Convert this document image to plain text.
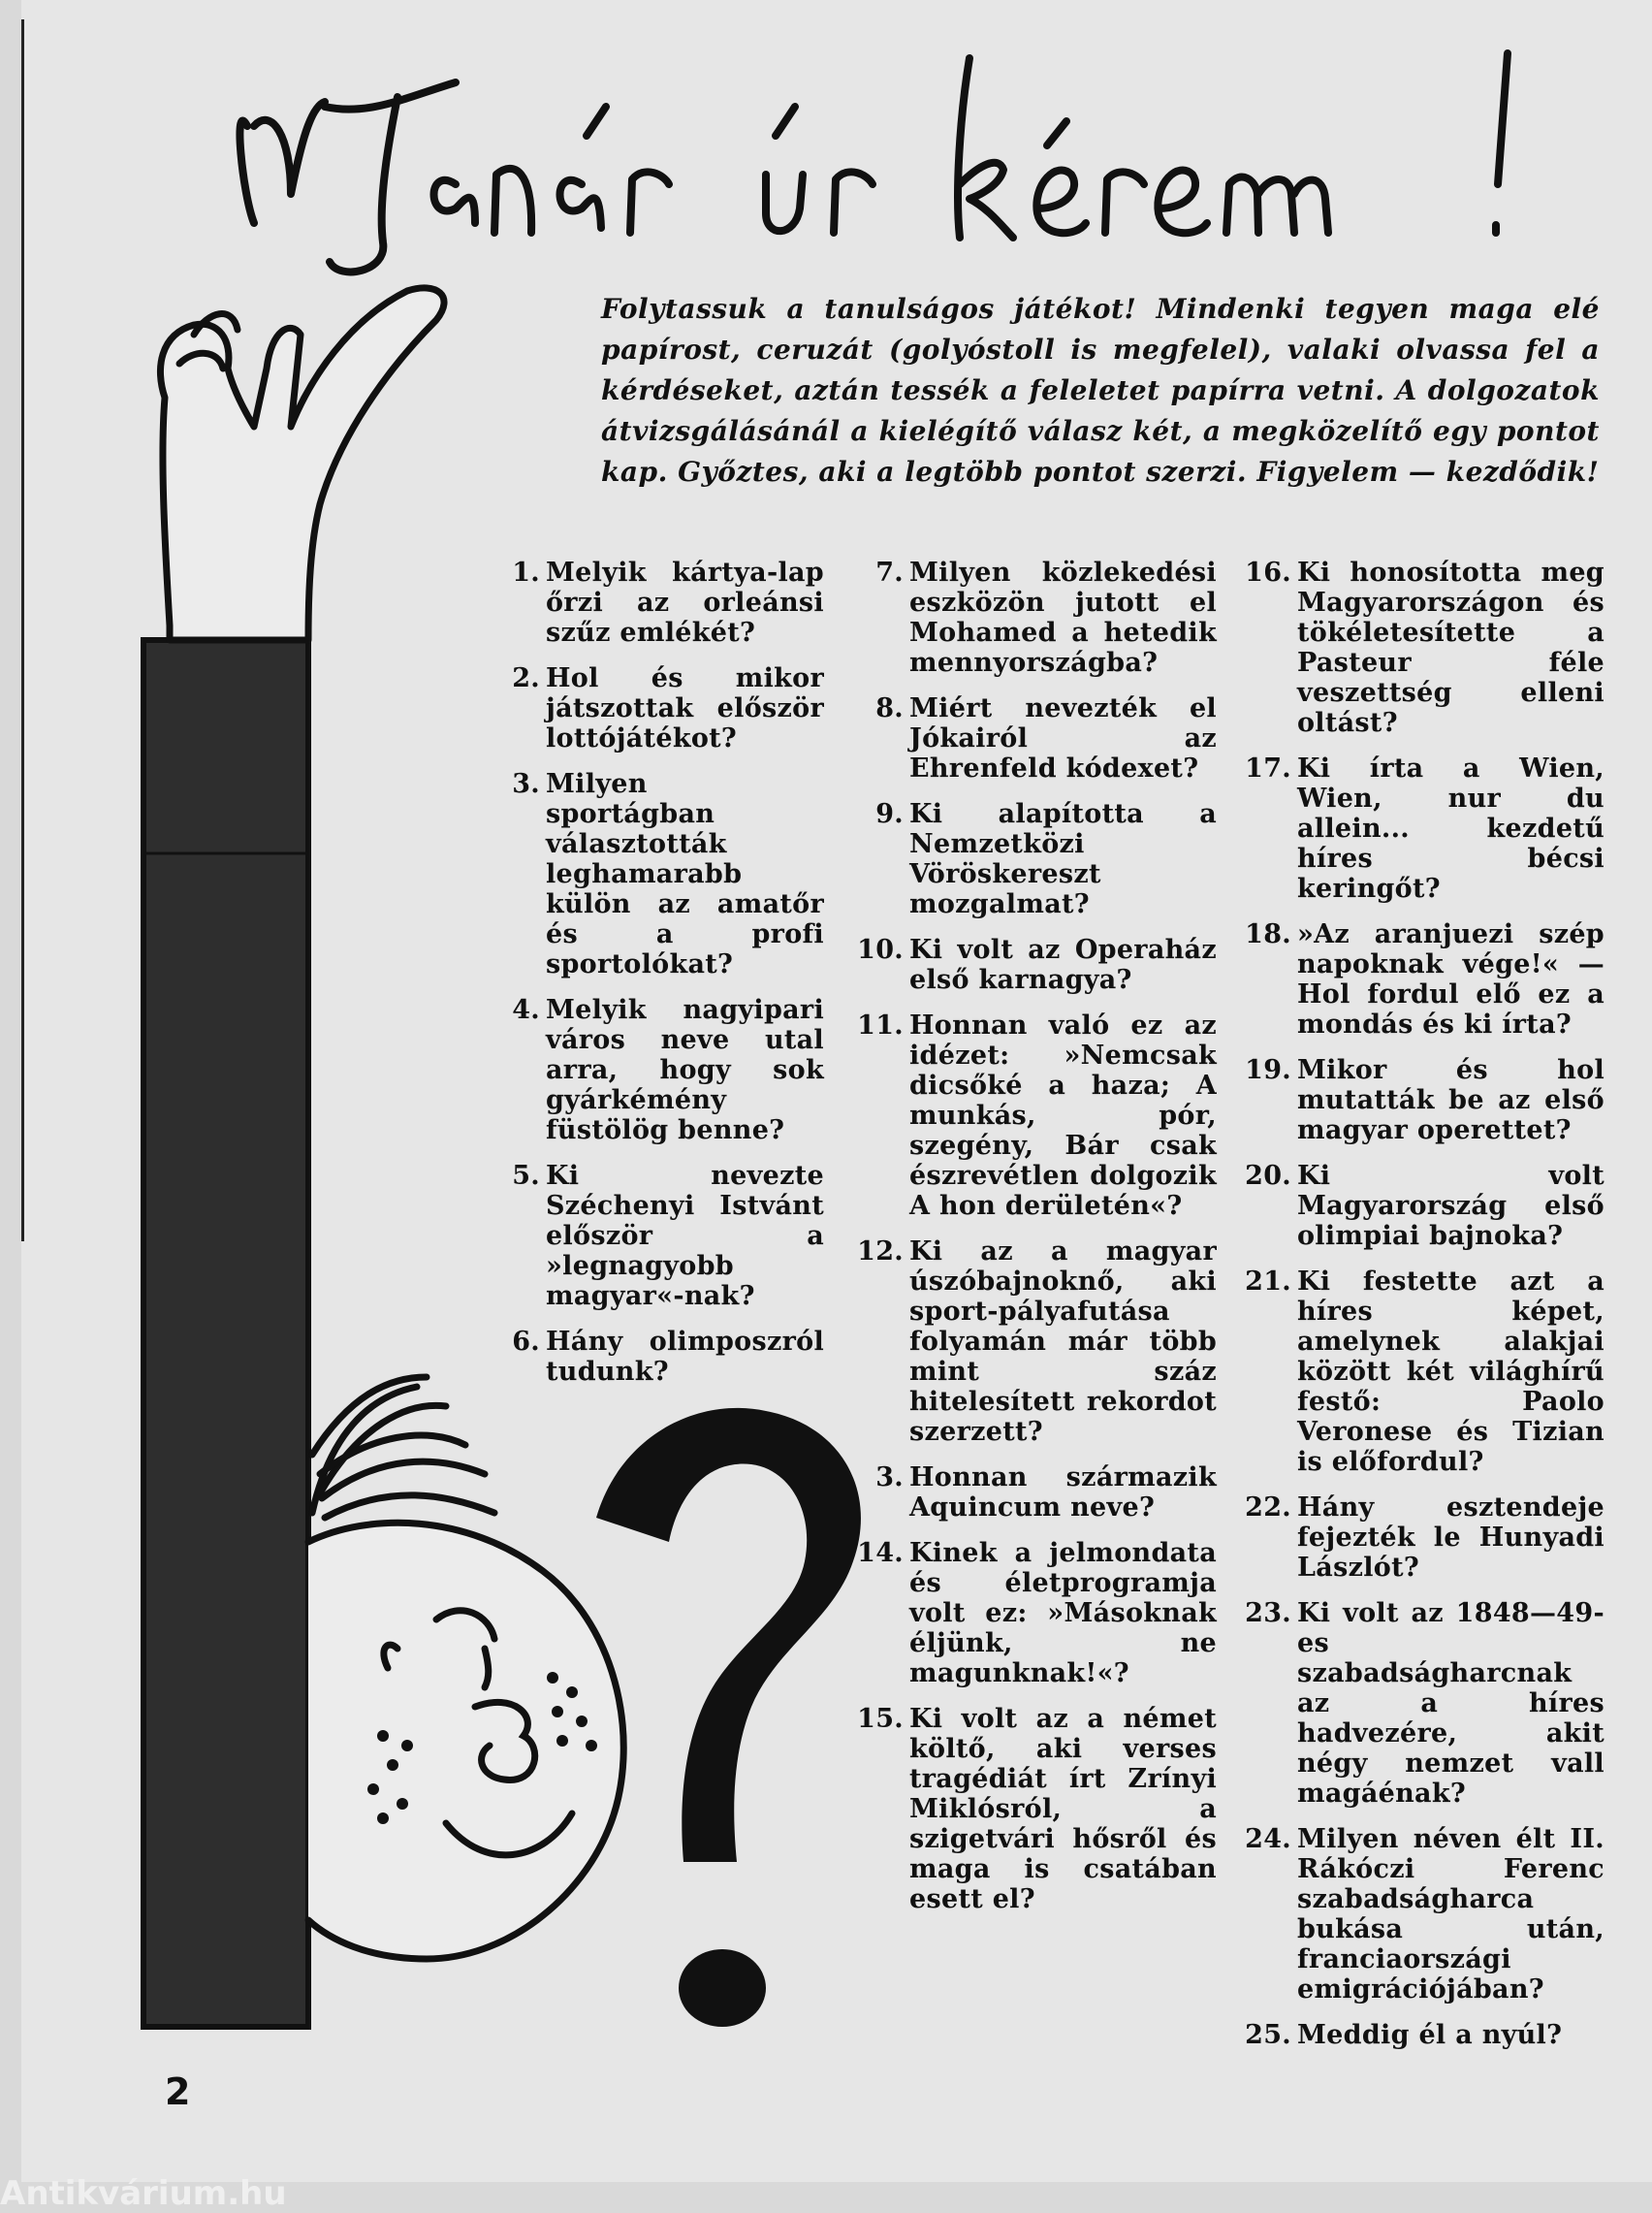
Folytassuk a tanulságos játékot! Mindenki tegyen maga elé papírost, ceruzát (golyóstoll is megfelel), valaki olvassa fel a kérdéseket, aztán tessék a feleletet papírra vetni. A dolgozatok átvizsgálásánál a kielégítő válasz két, a megközelítő egy pontot kap. Győztes, aki a legtöbb pontot szerzi. Figyelem — kezdődik!
1. Melyik kártya-lap őrzi az orleánsi szűz emlékét?
2. Hol és mikor játszottak először lottójátékot?
3. Milyen sportágban választották leghamarabb külön az amatőr és a profi sportolókat?
4. Melyik nagyipari város neve utal arra, hogy sok gyárkémény füstölög benne?
5. Ki nevezte Széchenyi Istvánt először a »legnagyobb magyar«-nak?
6. Hány olimposzról tudunk?
7. Milyen közlekedési eszközön jutott el Mohamed a hetedik mennyországba?
8. Miért nevezték el Jókairól az Ehrenfeld kódexet?
9. Ki alapította a Nemzetközi Vöröskereszt mozgalmat?
10. Ki volt az Operaház első karnagya?
11. Honnan való ez az idézet: »Nemcsak dicsőké a haza; A munkás, pór, szegény, Bár csak észrevétlen dolgozik A hon derületén«?
12. Ki az a magyar úszóbajnoknő, aki sport-pályafutása folyamán már több mint száz hitelesített rekordot szerzett?
3. Honnan származik Aquincum neve?
14. Kinek a jelmondata és életprogramja volt ez: »Másoknak éljünk, ne magunknak!«?
15. Ki volt az a német költő, aki verses tragédiát írt Zrínyi Miklósról, a szigetvári hősről és maga is csatában esett el?
16. Ki honosította meg Magyarországon és tökéletesítette a Pasteur féle veszettség elleni oltást?
17. Ki írta a Wien, Wien, nur du allein... kezdetű híres bécsi keringőt?
18. »Az aranjuezi szép napoknak vége!« — Hol fordul elő ez a mondás és ki írta?
19. Mikor és hol mutatták be az első magyar operettet?
20. Ki volt Magyarország első olimpiai bajnoka?
21. Ki festette azt a híres képet, amelynek alakjai között két világhírű festő: Paolo Veronese és Tizian is előfordul?
22. Hány esztendeje fejezték le Hunyadi Lászlót?
23. Ki volt az 1848—49-es szabadságharcnak az a híres hadvezére, akit négy nemzet vall magáénak?
24. Milyen néven élt II. Rákóczi Ferenc szabadságharca bukása után, franciaországi emigrációjában?
25. Meddig él a nyúl?
2
Antikvárium.hu
